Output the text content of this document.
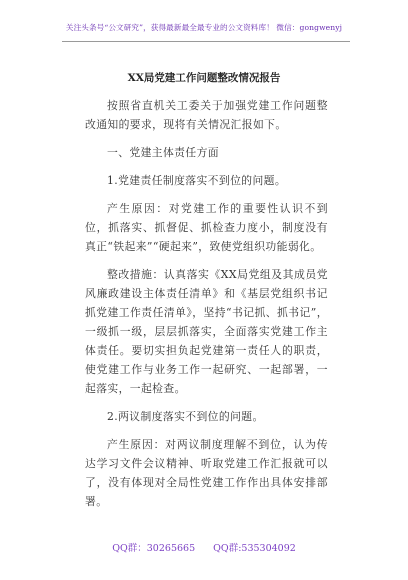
关注头条号“公文研究”，获得最新最全最专业的公文资料库！ 微信：gongwenyj
XX局党建工作问题整改情况报告

按照省直机关工委关于加强党建工作问题整改通知的要求，现将有关情况汇报如下。

一、党建主体责任方面

1.党建责任制度落实不到位的问题。

产生原因：对党建工作的重要性认识不到位，抓落实、抓督促、抓检查力度小，制度没有真正“铁起来”“硬起来”，致使党组织功能弱化。

整改措施：认真落实《XX局党组及其成员党风廉政建设主体责任清单》和《基层党组织书记抓党建工作责任清单》，坚持“书记抓、抓书记”，一级抓一级，层层抓落实，全面落实党建工作主体责任。要切实担负起党建第一责任人的职责，使党建工作与业务工作一起研究、一起部署，一起落实，一起检查。

2.两议制度落实不到位的问题。

产生原因：对两议制度理解不到位，认为传达学习文件会议精神、听取党建工作汇报就可以了，没有体现对全局性党建工作作出具体安排部署。

QQ群：30265665 QQ群:535304092
